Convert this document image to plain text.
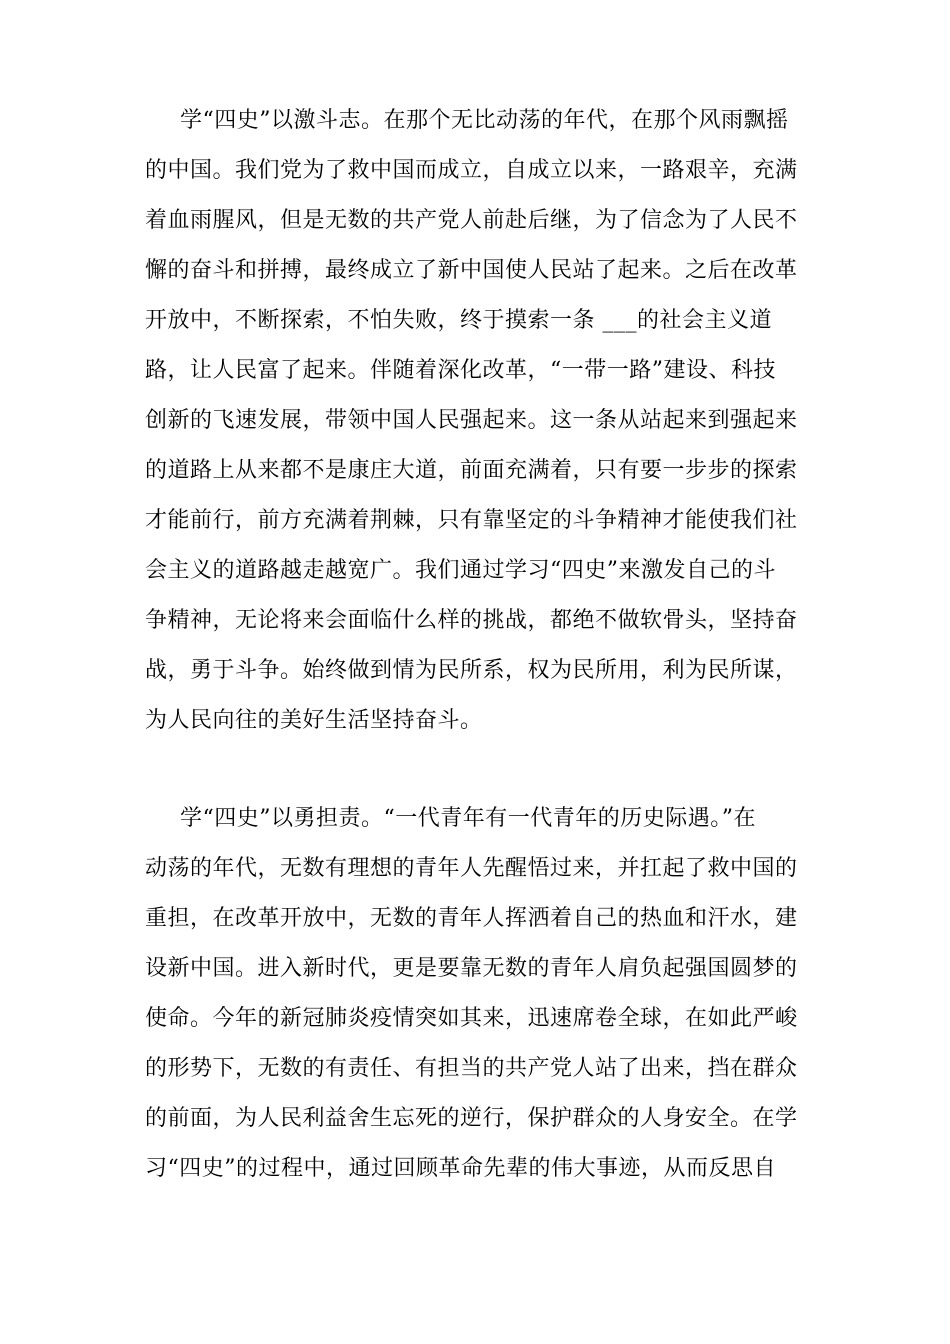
学“四史”以激斗志。在那个无比动荡的年代，在那个风雨飘摇
的中国。我们党为了救中国而成立，自成立以来，一路艰辛，充满
着血雨腥风，但是无数的共产党人前赴后继，为了信念为了人民不
懈的奋斗和拼搏，最终成立了新中国使人民站了起来。之后在改革
开放中，不断探索，不怕失败，终于摸索一条 ___的社会主义道
路，让人民富了起来。伴随着深化改革，“一带一路”建设、科技
创新的飞速发展，带领中国人民强起来。这一条从站起来到强起来
的道路上从来都不是康庄大道，前面充满着，只有要一步步的探索
才能前行，前方充满着荆棘，只有靠坚定的斗争精神才能使我们社
会主义的道路越走越宽广。我们通过学习“四史”来激发自己的斗
争精神，无论将来会面临什么样的挑战，都绝不做软骨头，坚持奋
战，勇于斗争。始终做到情为民所系，权为民所用，利为民所谋，
为人民向往的美好生活坚持奋斗。
学“四史”以勇担责。“一代青年有一代青年的历史际遇。”在
动荡的年代，无数有理想的青年人先醒悟过来，并扛起了救中国的
重担，在改革开放中，无数的青年人挥洒着自己的热血和汗水，建
设新中国。进入新时代，更是要靠无数的青年人肩负起强国圆梦的
使命。今年的新冠肺炎疫情突如其来，迅速席卷全球，在如此严峻
的形势下，无数的有责任、有担当的共产党人站了出来，挡在群众
的前面，为人民利益舍生忘死的逆行，保护群众的人身安全。在学
习“四史”的过程中，通过回顾革命先辈的伟大事迹，从而反思自
